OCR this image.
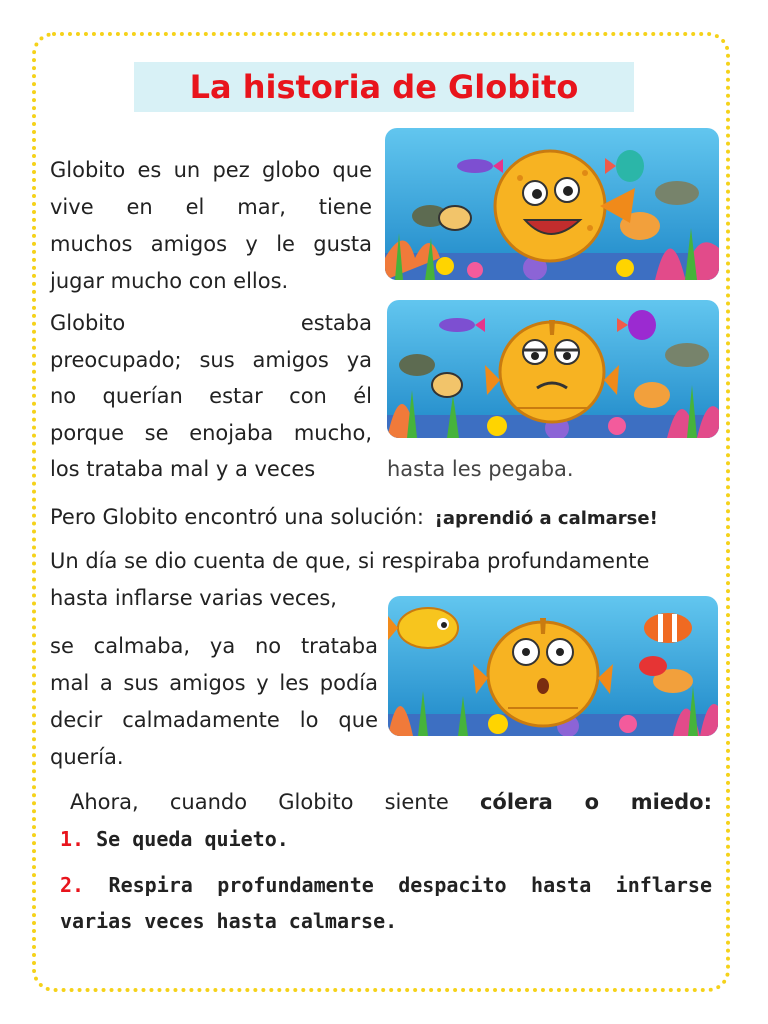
La historia de Globito
Globito es un pez globo que
vive en el mar, tiene
muchos amigos y le gusta
jugar mucho con ellos.
Globito estaba
preocupado; sus amigos ya
no querían estar con él
porque se enojaba mucho,
los trataba mal y a veces	hasta les pegaba.
Pero Globito encontró una solución: ¡aprendió a calmarse!
Un día se dio cuenta de que, si respiraba profundamente
hasta inflarse varias veces,
se calmaba, ya no trataba
mal a sus amigos y les podía
decir calmadamente lo que
quería.
Ahora, cuando Globito siente cólera o miedo:
1. Se queda quieto.
2. Respira profundamente despacito hasta inflarse
varias veces hasta calmarse.
